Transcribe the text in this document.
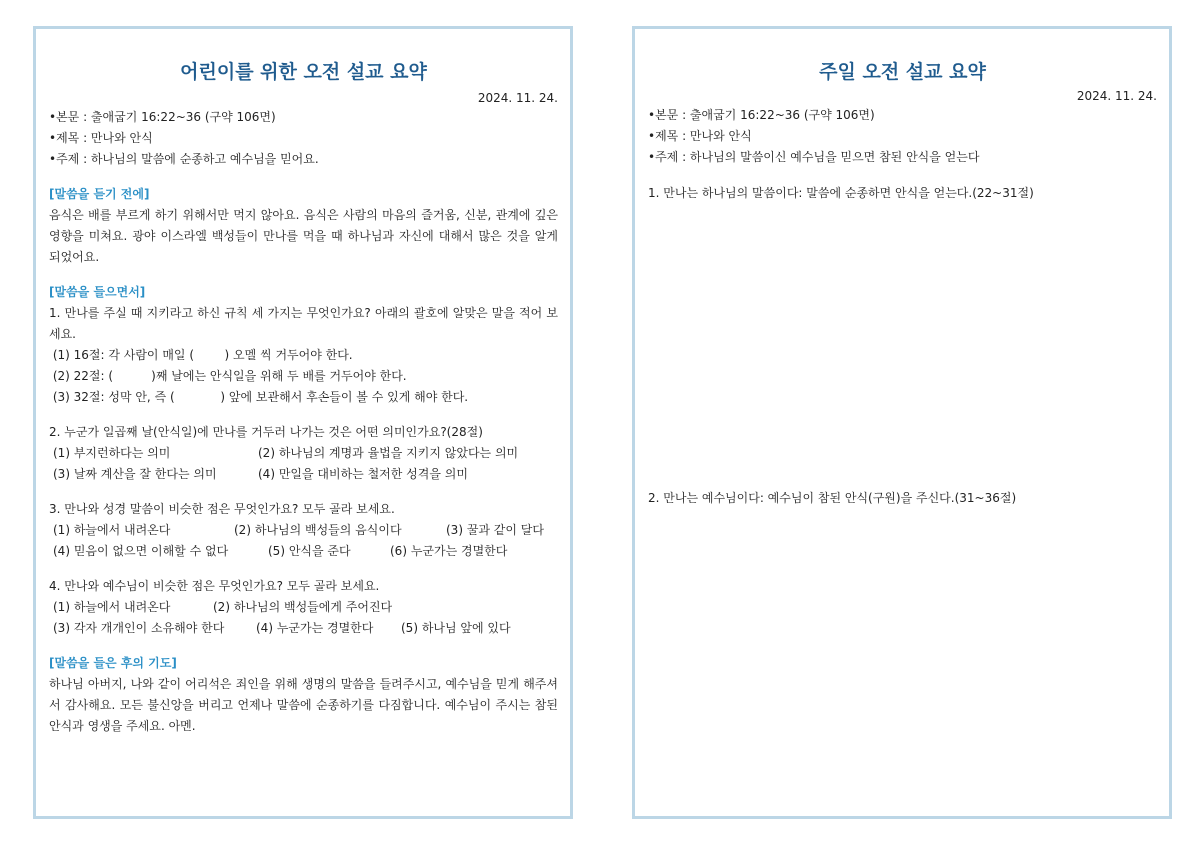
어린이를 위한 오전 설교 요약
2024. 11. 24.
•본문 : 출애굽기 16:22~36 (구약 106면)
•제목 : 만나와 안식
•주제 : 하나님의 말씀에 순종하고 예수님을 믿어요.
[말씀을 듣기 전에]
음식은 배를 부르게 하기 위해서만 먹지 않아요. 음식은 사람의 마음의 즐거움, 신분, 관계에 깊은 영향을 미쳐요. 광야 이스라엘 백성들이 만나를 먹을 때 하나님과 자신에 대해서 많은 것을 알게 되었어요.
[말씀을 들으면서]
1. 만나를 주실 때 지키라고 하신 규칙 세 가지는 무엇인가요? 아래의 괄호에 알맞은 말을 적어 보세요.
(1) 16절: 각 사람이 매일 (        ) 오멜 씩 거두어야 한다.
(2) 22절: (          )째 날에는 안식일을 위해 두 배를 거두어야 한다.
(3) 32절: 성막 안, 즉 (            ) 앞에 보관해서 후손들이 볼 수 있게 해야 한다.
2. 누군가 일곱째 날(안식일)에 만나를 거두러 나가는 것은 어떤 의미인가요?(28절)
(1) 부지런하다는 의미	(2) 하나님의 계명과 율법을 지키지 않았다는 의미
(3) 날짜 계산을 잘 한다는 의미	(4) 만일을 대비하는 철저한 성격을 의미
3. 만나와 성경 말씀이 비슷한 점은 무엇인가요? 모두 골라 보세요.
(1) 하늘에서 내려온다	(2) 하나님의 백성들의 음식이다	(3) 꿀과 같이 달다
(4) 믿음이 없으면 이해할 수 없다	(5) 안식을 준다	(6) 누군가는 경멸한다
4. 만나와 예수님이 비슷한 점은 무엇인가요? 모두 골라 보세요.
(1) 하늘에서 내려온다	(2) 하나님의 백성들에게 주어진다
(3) 각자 개개인이 소유해야 한다	(4) 누군가는 경멸한다 (5) 하나님 앞에 있다
[말씀을 들은 후의 기도]
하나님 아버지, 나와 같이 어리석은 죄인을 위해 생명의 말씀을 들려주시고, 예수님을 믿게 해주셔서 감사해요. 모든 불신앙을 버리고 언제나 말씀에 순종하기를 다짐합니다. 예수님이 주시는 참된 안식과 영생을 주세요. 아멘.
주일 오전 설교 요약
2024. 11. 24.
•본문 : 출애굽기 16:22~36 (구약 106면)
•제목 : 만나와 안식
•주제 : 하나님의 말씀이신 예수님을 믿으면 참된 안식을 얻는다
1. 만나는 하나님의 말씀이다: 말씀에 순종하면 안식을 얻는다.(22~31절)
2. 만나는 예수님이다: 예수님이 참된 안식(구원)을 주신다.(31~36절)
